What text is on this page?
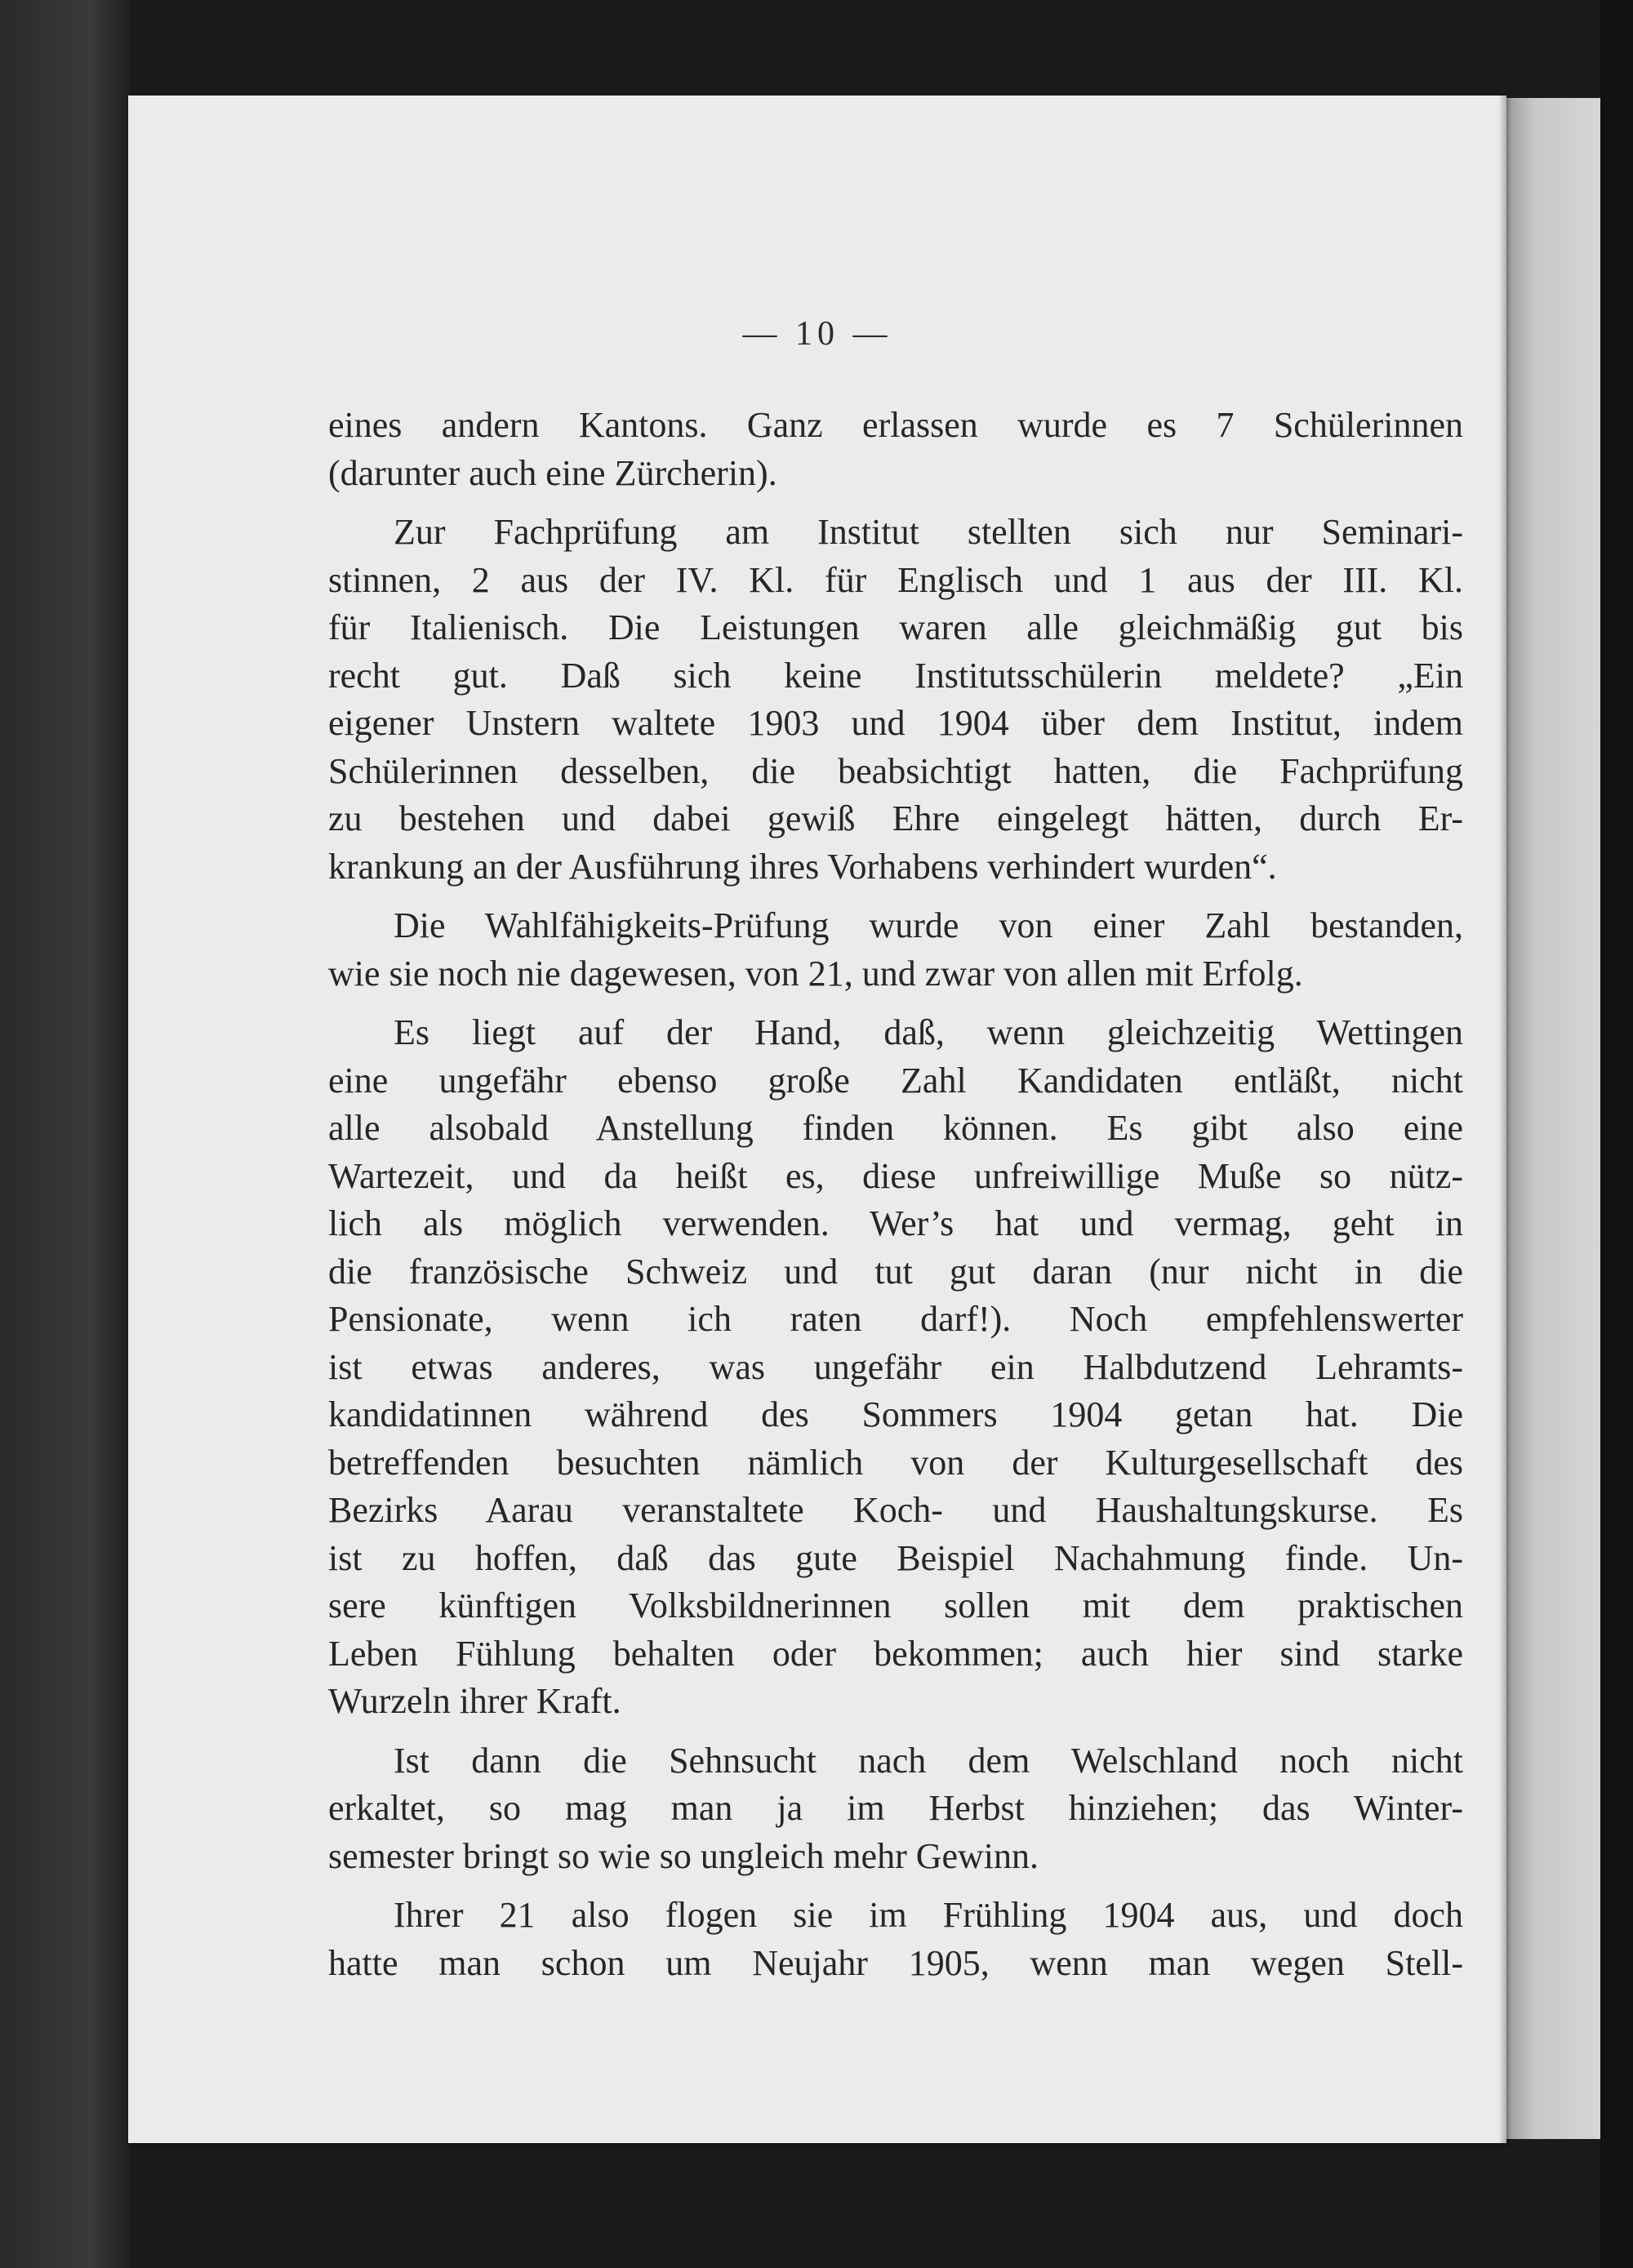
— 10 —
eines andern Kantons. Ganz erlassen wurde es 7 Schülerinnen
(darunter auch eine Zürcherin).
Zur Fachprüfung am Institut stellten sich nur Seminari-
stinnen, 2 aus der IV. Kl. für Englisch und 1 aus der III. Kl.
für Italienisch. Die Leistungen waren alle gleichmäßig gut bis
recht gut. Daß sich keine Institutsschülerin meldete? „Ein
eigener Unstern waltete 1903 und 1904 über dem Institut, indem
Schülerinnen desselben, die beabsichtigt hatten, die Fachprüfung
zu bestehen und dabei gewiß Ehre eingelegt hätten, durch Er-
krankung an der Ausführung ihres Vorhabens verhindert wurden“.
Die Wahlfähigkeits-Prüfung wurde von einer Zahl bestanden,
wie sie noch nie dagewesen, von 21, und zwar von allen mit Erfolg.
Es liegt auf der Hand, daß, wenn gleichzeitig Wettingen
eine ungefähr ebenso große Zahl Kandidaten entläßt, nicht
alle alsobald Anstellung finden können. Es gibt also eine
Wartezeit, und da heißt es, diese unfreiwillige Muße so nütz-
lich als möglich verwenden. Wer’s hat und vermag, geht in
die französische Schweiz und tut gut daran (nur nicht in die
Pensionate, wenn ich raten darf!). Noch empfehlenswerter
ist etwas anderes, was ungefähr ein Halbdutzend Lehramts-
kandidatinnen während des Sommers 1904 getan hat. Die
betreffenden besuchten nämlich von der Kulturgesellschaft des
Bezirks Aarau veranstaltete Koch- und Haushaltungskurse. Es
ist zu hoffen, daß das gute Beispiel Nachahmung finde. Un-
sere künftigen Volksbildnerinnen sollen mit dem praktischen
Leben Fühlung behalten oder bekommen; auch hier sind starke
Wurzeln ihrer Kraft.
Ist dann die Sehnsucht nach dem Welschland noch nicht
erkaltet, so mag man ja im Herbst hinziehen; das Winter-
semester bringt so wie so ungleich mehr Gewinn.
Ihrer 21 also flogen sie im Frühling 1904 aus, und doch
hatte man schon um Neujahr 1905, wenn man wegen Stell-
